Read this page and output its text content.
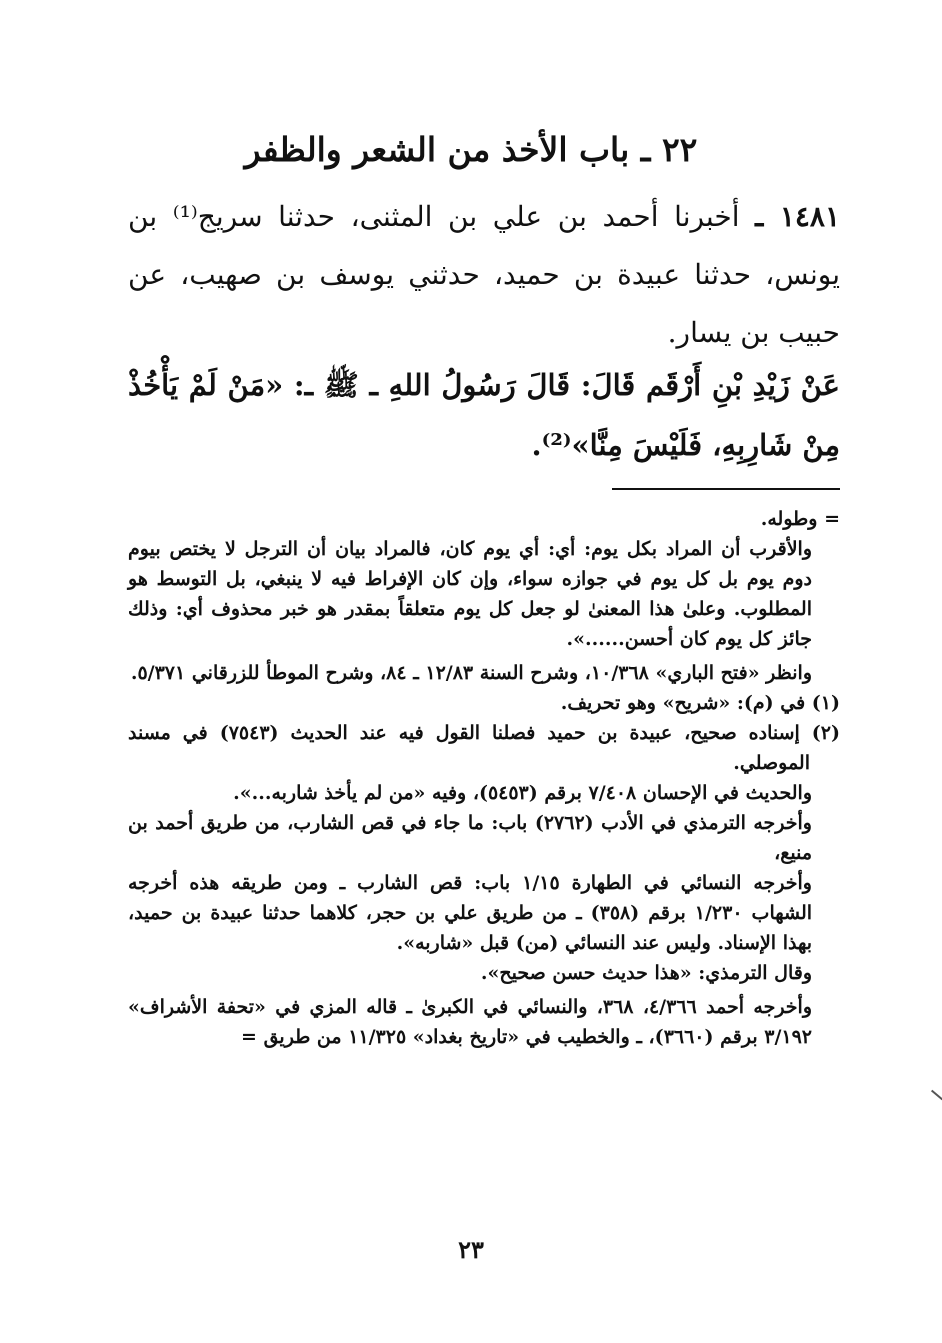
٢٢ ـ باب الأخذ من الشعر والظفر
١٤٨١ ـ أخبرنا أحمد بن علي بن المثنى، حدثنا سريج⁽¹⁾ بن يونس، حدثنا عبيدة بن حميد، حدثني يوسف بن صهيب، عن حبيب بن يسار.
عَنْ زَيْدِ بْنِ أَرْقَم قَالَ: قَالَ رَسُولُ اللهِ ـ ﷺ ـ: «مَنْ لَمْ يَأْخُذْ مِنْ شَارِبِهِ، فَلَيْسَ مِنَّا»⁽²⁾.

= وطوله.

والأقرب أن المراد بكل يوم: أي: أي يوم كان، فالمراد بيان أن الترجل لا يختص بيوم دوم يوم بل كل يوم في جوازه سواء، وإن كان الإفراط فيه لا ينبغي، بل التوسط هو المطلوب. وعلىٰ هذا المعنىٰ لو جعل كل يوم متعلقاً بمقدر هو خبر محذوف أي: وذلك جائز كل يوم كان أحسن......».

وانظر «فتح الباري» ١٠/٣٦٨، وشرح السنة ١٢/٨٣ ـ ٨٤، وشرح الموطأ للزرقاني ٥/٣٧١.

(١) في (م): «شريح» وهو تحريف.

(٢) إسناده صحيح، عبيدة بن حميد فصلنا القول فيه عند الحديث (٧٥٤٣) في مسند الموصلي.

والحديث في الإحسان ٧/٤٠٨ برقم (٥٤٥٣)، وفيه «من لم يأخذ شاربه...».

وأخرجه الترمذي في الأدب (٢٧٦٢) باب: ما جاء في قص الشارب، من طريق أحمد بن منيع،

وأخرجه النسائي في الطهارة ١/١٥ باب: قص الشارب ـ ومن طريقه هذه أخرجه الشهاب ١/٢٣٠ برقم (٣٥٨) ـ من طريق علي بن حجر، كلاهما حدثنا عبيدة بن حميد، بهذا الإسناد. وليس عند النسائي (من) قبل «شاربه».

وقال الترمذي: «هذا حديث حسن صحيح».

وأخرجه أحمد ٤/٣٦٦، ٣٦٨، والنسائي في الكبرىٰ ـ قاله المزي في «تحفة الأشراف» ٣/١٩٢ برقم (٣٦٦٠)، ـ والخطيب في «تاريخ بغداد» ١١/٣٢٥ من طريق =

٢٣
